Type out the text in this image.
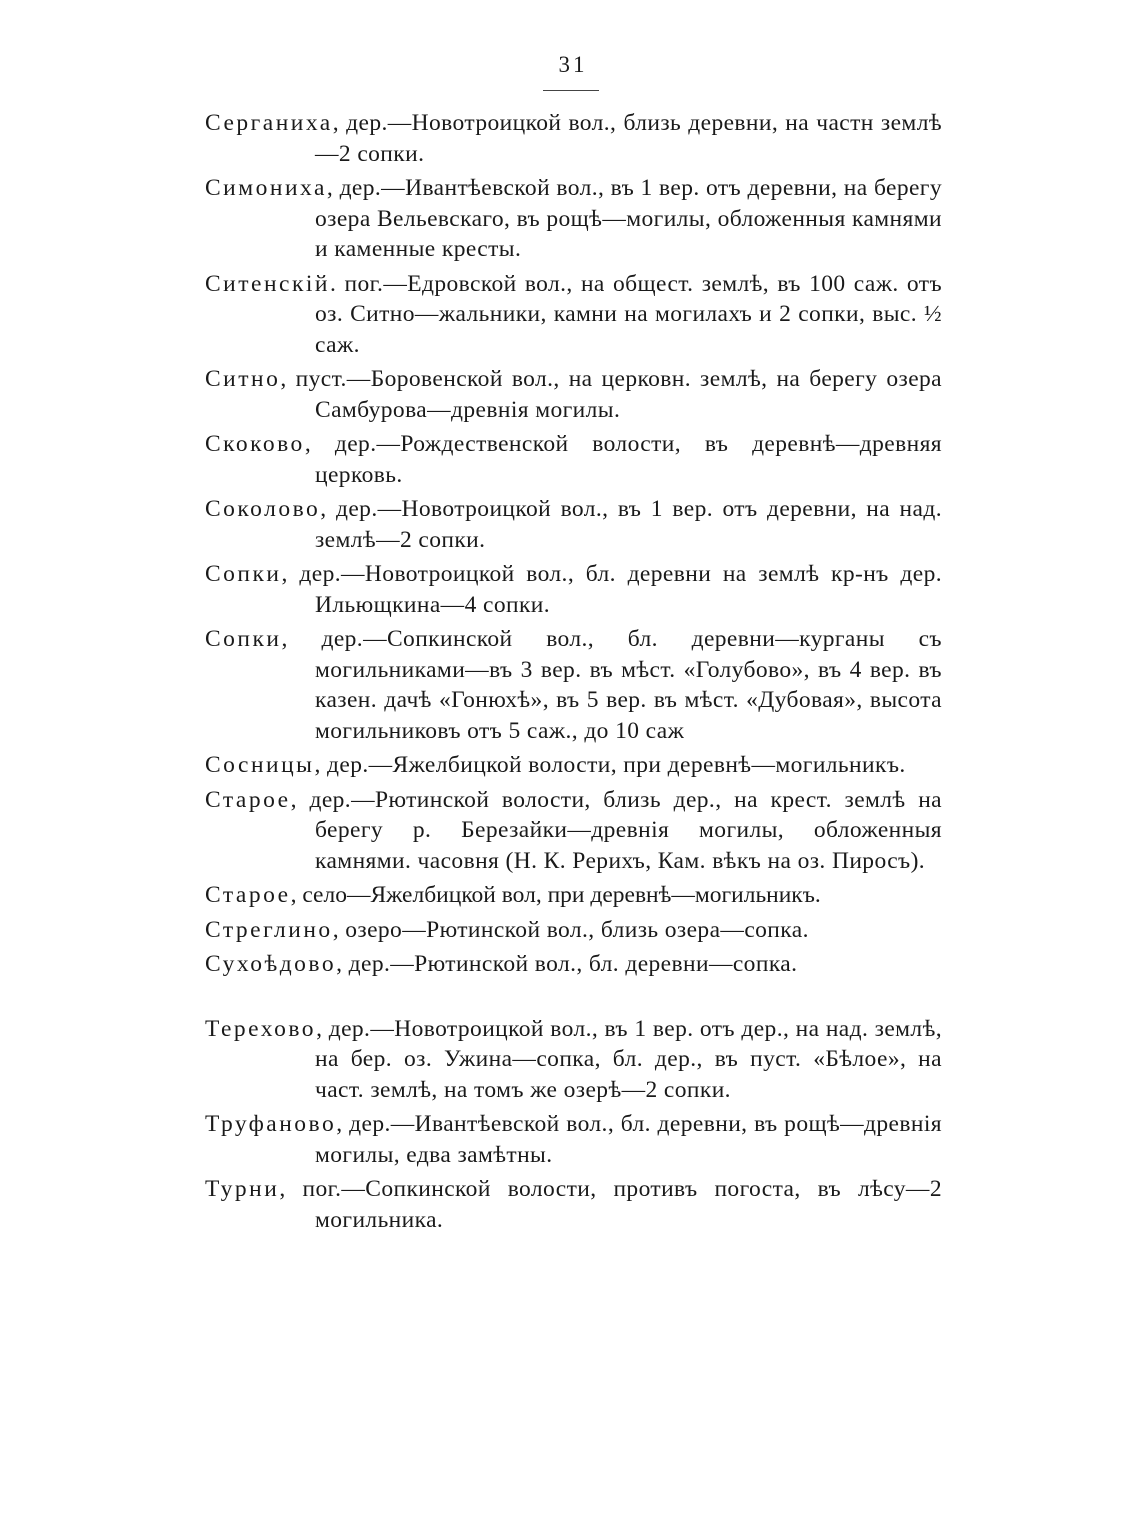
31

Серганиха, дер.—Новотроицкой вол., близь деревни, на частн землѣ—2 сопки.

Симониха, дер.—Ивантѣевской вол., въ 1 вер. отъ деревни, на берегу озера Вельевскаго, въ рощѣ—могилы, обложенныя камнями и каменные кресты.

Ситенскій. пог.—Едровской вол., на общест. землѣ, въ 100 саж. отъ оз. Ситно—жальники, камни на могилахъ и 2 сопки, выс. ½ саж.

Ситно, пуст.—Боровенской вол., на церковн. землѣ, на берегу озера Самбурова—древнія могилы.

Скоково, дер.—Рождественской волости, въ деревнѣ—древняя церковь.

Соколово, дер.—Новотроицкой вол., въ 1 вер. отъ деревни, на над. землѣ—2 сопки.

Сопки, дер.—Новотроицкой вол., бл. деревни на землѣ кр-нъ дер. Ильющкина—4 сопки.

Сопки, дер.—Сопкинской вол., бл. деревни—курганы съ могильниками—въ 3 вер. въ мѣст. «Голубово», въ 4 вер. въ казен. дачѣ «Гонюхѣ», въ 5 вер. въ мѣст. «Дубовая», высота могильниковъ отъ 5 саж., до 10 саж

Сосницы, дер.—Яжелбицкой волости, при деревнѣ—могильникъ.

Старое, дер.—Рютинской волости, близь дер., на крест. землѣ на берегу р. Березайки—древнія могилы, обложенныя камнями. часовня (Н. К. Рерихъ, Кам. вѣкъ на оз. Пиросъ).

Старое, село—Яжелбицкой вол, при деревнѣ—могильникъ.

Стреглино, озеро—Рютинской вол., близь озера—сопка.

Сухоѣдово, дер.—Рютинской вол., бл. деревни—сопка.

Терехово, дер.—Новотроицкой вол., въ 1 вер. отъ дер., на над. землѣ, на бер. оз. Ужина—сопка, бл. дер., въ пуст. «Бѣлое», на част. землѣ, на томъ же озерѣ—2 сопки.

Труфаново, дер.—Ивантѣевской вол., бл. деревни, въ рощѣ—древнія могилы, едва замѣтны.

Турни, пог.—Сопкинской волости, противъ погоста, въ лѣсу—2 могильника.
